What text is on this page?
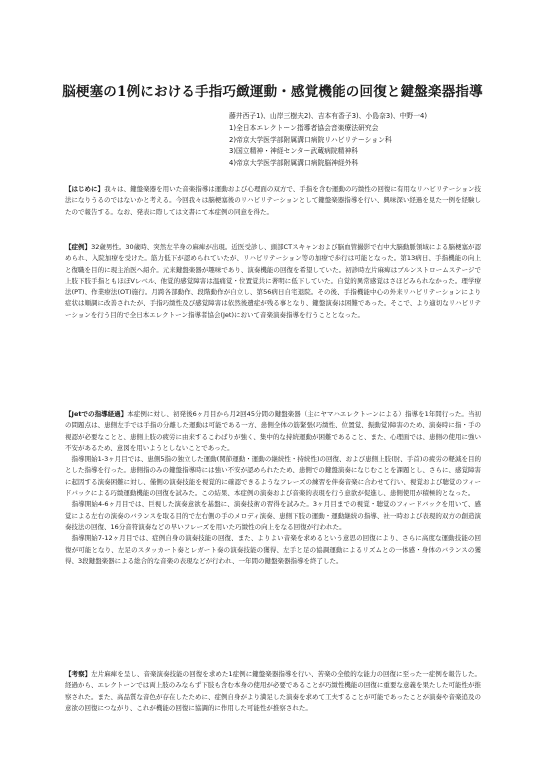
脳梗塞の1例における手指巧緻運動・感覚機能の回復と鍵盤楽器指導
藤井西子1)、山岸三樹夫2)、吉本有香子3)、小島奈3)、中野一4)
1)全日本エレクトーン指導者協会音楽療法研究会
2)帝京大学医学部附属溝口病院リハビリテーション科
3)国立精神・神経センター武蔵病院精神科
4)帝京大学医学部附属溝口病院脳神経外科

【はじめに】我々は、鍵盤楽器を用いた音楽指導は運動および心理面の双方で、手指を含む運動の巧緻性の回復に有用なリハビリテーション技法になりうるのではないかと考える。今回我々は脳梗塞後のリハビリテーションとして鍵盤楽器指導を行い、興味深い経過を見た一例を経験したので報告する。なお、発表に際しては文書にて本症例の同意を得た。

【症例】32歳男性。30歳時、突然左半身の麻痺が出現。近医受診し、頭部CTスキャンおよび脳血管撮影で右中大脳動脈領域による脳梗塞が認められ、入院加療を受けた。筋力低下が認められていたが、リハビリテーション等の加療で歩行は可能となった。第13病日、手指機能の向上と復職を目的に現主治医へ紹介。元来鍵盤楽器が趣味であり、演奏機能の回復を希望していた。初診時左片麻痺はブルンストロームステージで上肢下肢手指ともほぼVレベル、他覚的感覚障害は温痛覚・位置覚共に著明に低下していた。自覚的異常感覚はさほどみられなかった。理学療法(PT)、作業療法(OT)施行。月跨各部動作、段階動作が自立し、第56病日自宅退院。その後、手指機能中心の外来リハビリテーションにより症状は順調に改善されたが、手指巧緻性及び感覚障害は依然後遺症が残る事となり、鍵盤演奏は困難であった。そこで、より適切なリハビリテーションを行う目的で全日本エレクトーン指導者協会(Jet)において音楽演奏指導を行うこととなった。

【Jetでの指導経過】本症例に対し、初発後6ヶ月目から月2回45分間の鍵盤楽器（主にヤマハエレクトーンによる）指導を1年間行った。当初の問題点は、患側左手では手指の分離した運動は可能である一方、患側全体の筋緊張(巧緻性、位置覚、振動覚)障害のため、演奏時に指・手の視認が必要なことと、患側上肢の疲労に由来するこわばりが強く、集中的な持続運動が困難であること、また、心理面では、患側の使用に強い不安があるため、意図を用いようとしないことであった。

　指導開始1-3ヶ月目では、患側5指の独立した運動(関節運動・運動の継続性・持続性)の回復、および患側上肢(肘、手首)の疲労の軽減を目的とした指導を行った。患側指のみの鍵盤指導時には強い不安が認められたため、患側での鍵盤演奏になじむことを課題とし、さらに、感覚障害に起因する演奏困難に対し、僅側の演奏技能を視覚的に確認できるようなフレーズの練習を伴奏音楽に合わせて行い、視覚および聴覚のフィードバックによる巧緻運動機能の回復を試みた。この結果、本症例の演奏および音楽的表現を行う意欲が促進し、患側使用が積極的となった。

　指導開始4-6ヶ月目では、巨視した演奏意欲を基盤に、演奏技術の習得を試みた。3ヶ月目までの視覚・聴覚のフィードバックを用いて、感覚による左右の演奏のバランスを取る目的で左右側の手のメロディ演奏、患側下肢の運動・運動継続の指導、社一時および表現的双方の創造演奏技法の回復、16分音符演奏などの早いフレーズを用いた巧緻性の向上をなる回復が行われた。

　指導開始7-12ヶ月目では、症例自身の演奏技能の回復、また、よりよい音楽を求めるという意思の回復により、さらに高度な運動技能の回復が可能となり、左足のスタッカート奏とレガート奏の演奏技能の獲得、左手と足の協調運動によるリズムとの一体感・身体のバランスの獲得、3段鍵盤楽器による総合的な音楽の表現などが行われ、一年間の鍵盤楽器指導を終了した。

【考察】左片麻痺を呈し、音楽演奏技能の回復を求めた1症例に鍵盤楽器指導を行い、苦楽の全般的な能力の回復に至った一症例を報告した。経過から、エレクトーンでは両上肢のみならず下肢も含む本身の使用が必要であることが巧緻性機能の回復に重要な意義を果たした可能性が推察された。また、高品質な音色が存在したために、症例自身がより満足した演奏を求めて工夫することが可能であったことが演奏や音楽追及の意欲の回復につながり、これが機能の回復に協調的に作用した可能性が推察された。
